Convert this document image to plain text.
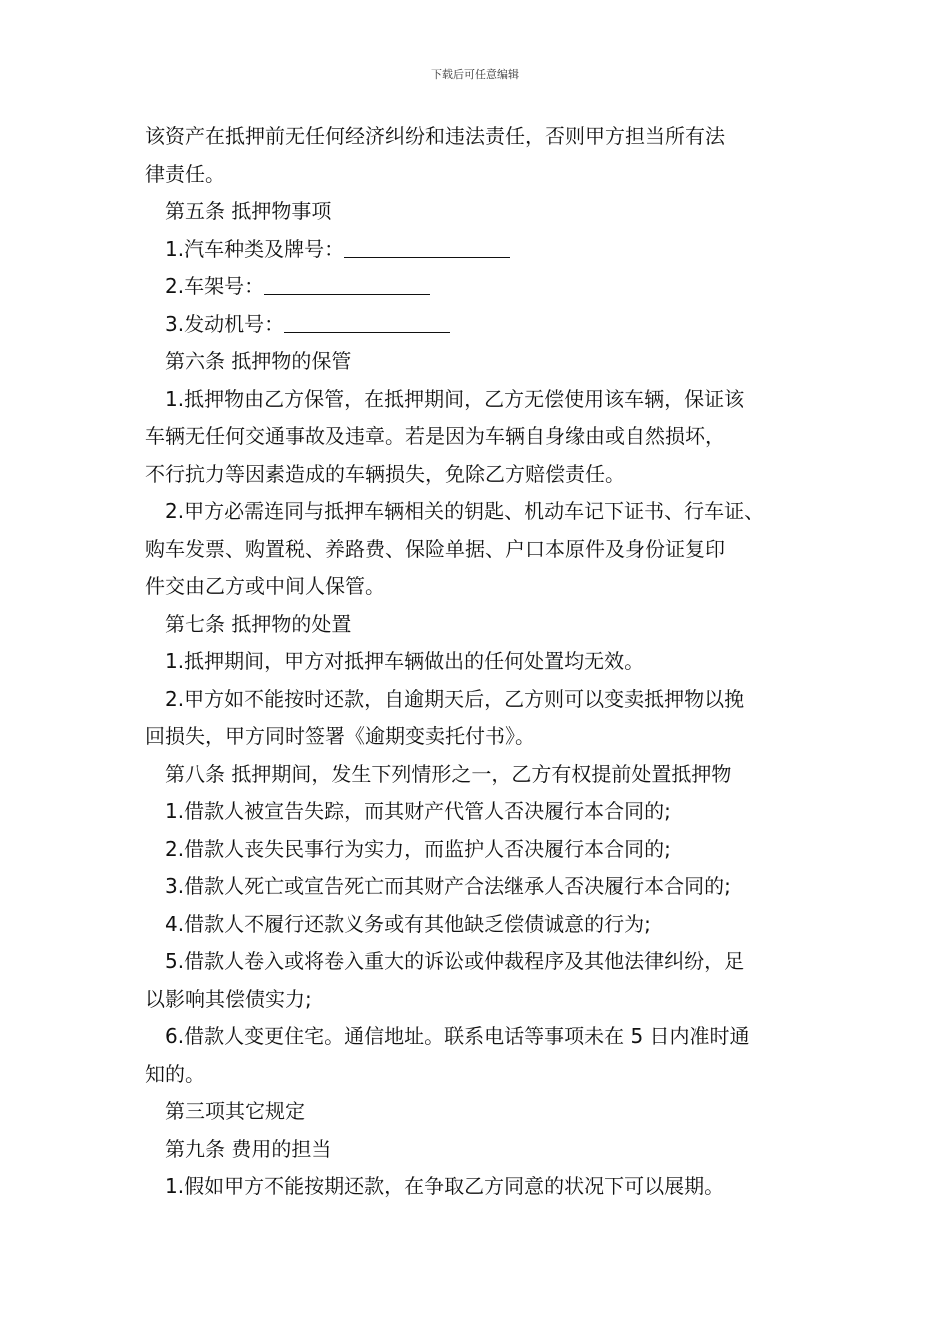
下载后可任意编辑
该资产在抵押前无任何经济纠纷和违法责任，否则甲方担当所有法
律责任。
第五条 抵押物事项
1.汽车种类及牌号：
2.车架号：
3.发动机号：
第六条 抵押物的保管
1.抵押物由乙方保管，在抵押期间，乙方无偿使用该车辆，保证该
车辆无任何交通事故及违章。若是因为车辆自身缘由或自然损坏，
不行抗力等因素造成的车辆损失，免除乙方赔偿责任。
2.甲方必需连同与抵押车辆相关的钥匙、机动车记下证书、行车证、
购车发票、购置税、养路费、保险单据、户口本原件及身份证复印
件交由乙方或中间人保管。
第七条 抵押物的处置
1.抵押期间，甲方对抵押车辆做出的任何处置均无效。
2.甲方如不能按时还款，自逾期天后，乙方则可以变卖抵押物以挽
回损失，甲方同时签署《逾期变卖托付书》。
第八条 抵押期间，发生下列情形之一，乙方有权提前处置抵押物
1.借款人被宣告失踪，而其财产代管人否决履行本合同的;
2.借款人丧失民事行为实力，而监护人否决履行本合同的;
3.借款人死亡或宣告死亡而其财产合法继承人否决履行本合同的;
4.借款人不履行还款义务或有其他缺乏偿债诚意的行为;
5.借款人卷入或将卷入重大的诉讼或仲裁程序及其他法律纠纷，足
以影响其偿债实力;
6.借款人变更住宅。通信地址。联系电话等事项未在 5 日内准时通
知的。
第三项其它规定
第九条 费用的担当
1.假如甲方不能按期还款，在争取乙方同意的状况下可以展期。
